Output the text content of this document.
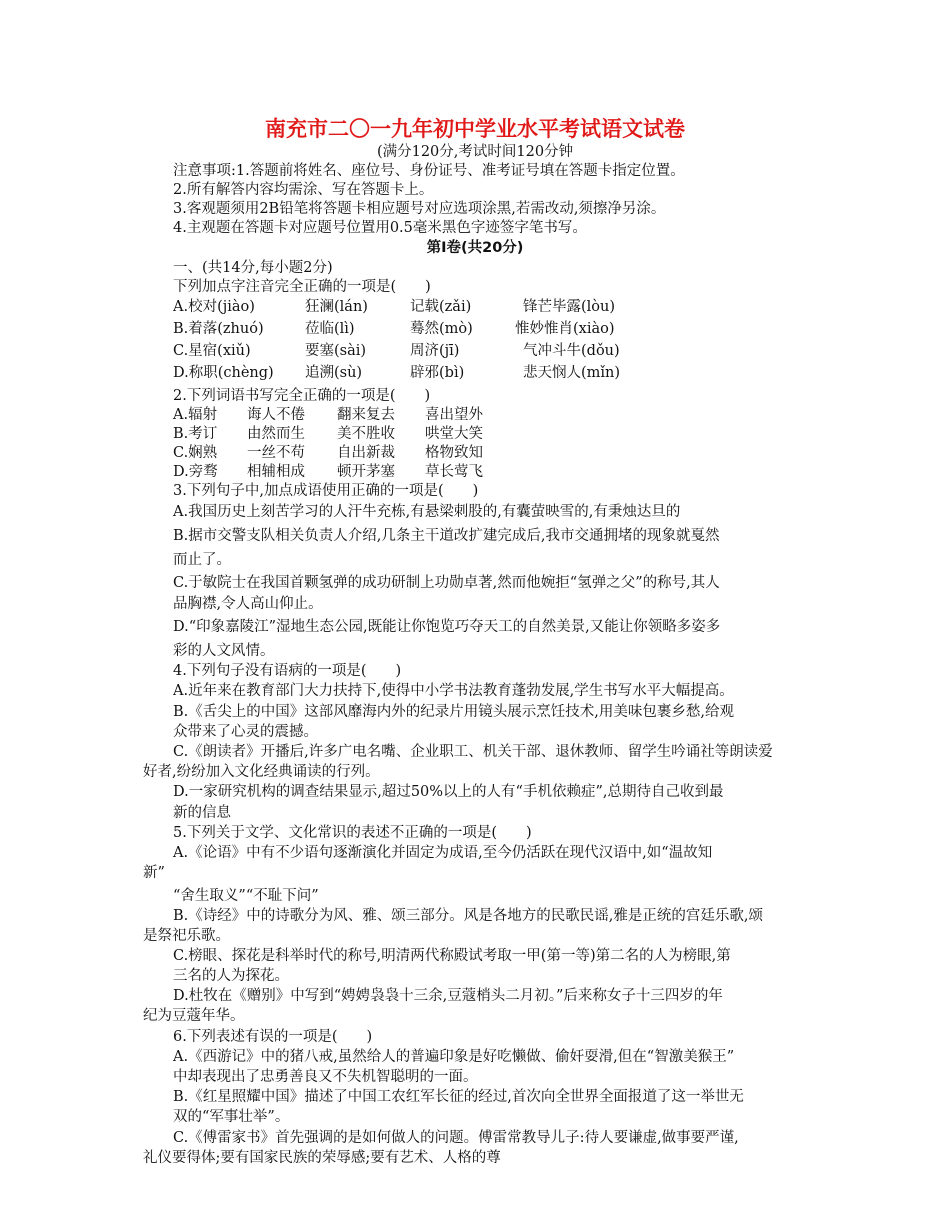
南充市二〇一九年初中学业水平考试语文试卷
(满分120分,考试时间120分钟
注意事项:1.答题前将姓名、座位号、身份证号、准考证号填在答题卡指定位置。
2.所有解答内容均需涂、写在答题卡上。
3.客观题须用2B铅笔将答题卡相应题号对应选项涂黑,若需改动,须擦净另涂。
4.主观题在答题卡对应题号位置用0.5毫米黑色字迹签字笔书写。
第Ⅰ卷(共20分)
一、(共14分,每小题2分)
下列加点字注音完全正确的一项是(　　)
A.校对(jiào)	狂澜(lán)	记载(zǎi)	锋芒毕露(lòu)
B.着落(zhuó)	莅临(lì)	蓦然(mò)	惟妙惟肖(xiào)
C.星宿(xiǔ)	要塞(sài)	周济(jī)	气冲斗牛(dǒu)
D.称职(chèng) 追溯(sù)	辟邪(bì)	悲天悯人(mǐn)
2.下列词语书写完全正确的一项是(　　)
A.辐射 诲人不倦 翻来复去 喜出望外
B.考订 由然而生 美不胜收 哄堂大笑
C.娴熟 一丝不苟 自出新裁 格物致知
D.旁骛 相辅相成 顿开茅塞 草长莺飞
3.下列句子中,加点成语使用正确的一项是(　　)
A.我国历史上刻苦学习的人汗牛充栋,有悬梁刺股的,有囊萤映雪的,有秉烛达旦的
B.据市交警支队相关负责人介绍,几条主干道改扩建完成后,我市交通拥堵的现象就戛然
而止了。
C.于敏院士在我国首颗氢弹的成功研制上功勋卓著,然而他婉拒“氢弹之父”的称号,其人
品胸襟,令人高山仰止。
D.“印象嘉陵江”湿地生态公园,既能让你饱览巧夺天工的自然美景,又能让你领略多姿多
彩的人文风情。
4.下列句子没有语病的一项是(　　)
A.近年来在教育部门大力扶持下,使得中小学书法教育蓬勃发展,学生书写水平大幅提高。
B.《舌尖上的中国》这部风靡海内外的纪录片用镜头展示烹饪技术,用美味包裹乡愁,给观
众带来了心灵的震撼。
C.《朗读者》开播后,许多广电名嘴、企业职工、机关干部、退休教师、留学生吟诵社等朗读爱
好者,纷纷加入文化经典诵读的行列。
D.一家研究机构的调查结果显示,超过50%以上的人有“手机依赖症”,总期待自己收到最
新的信息
5.下列关于文学、文化常识的表述不正确的一项是(　　)
A.《论语》中有不少语句逐渐演化并固定为成语,至今仍活跃在现代汉语中,如“温故知
新”
“舍生取义”“不耻下问”
B.《诗经》中的诗歌分为风、雅、颂三部分。风是各地方的民歌民谣,雅是正统的宫廷乐歌,颂
是祭祀乐歌。
C.榜眼、探花是科举时代的称号,明清两代称殿试考取一甲(第一等)第二名的人为榜眼,第
三名的人为探花。
D.杜牧在《赠别》中写到“娉娉袅袅十三余,豆蔻梢头二月初。”后来称女子十三四岁的年
纪为豆蔻年华。
6.下列表述有误的一项是(　　)
A.《西游记》中的猪八戒,虽然给人的普遍印象是好吃懒做、偷奸耍滑,但在“智激美猴王”
中却表现出了忠勇善良又不失机智聪明的一面。
B.《红星照耀中国》描述了中国工农红军长征的经过,首次向全世界全面报道了这一举世无
双的“军事壮举”。
C.《傅雷家书》首先强调的是如何做人的问题。傅雷常教导儿子:待人要谦虚,做事要严谨,
礼仪要得体;要有国家民族的荣辱感;要有艺术、人格的尊
